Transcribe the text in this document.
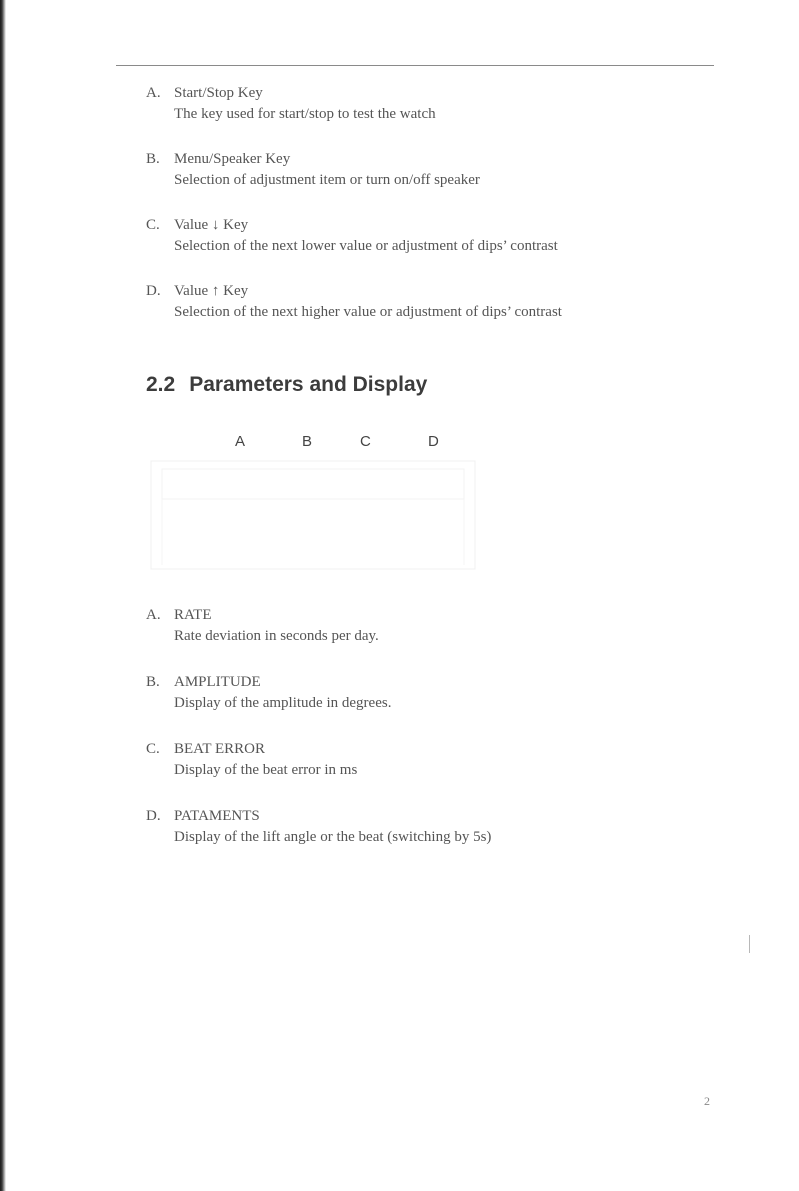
A. Start/Stop Key
The key used for start/stop to test the watch
B. Menu/Speaker Key
Selection of adjustment item or turn on/off speaker
C. Value ↓ Key
Selection of the next lower value or adjustment of dips’ contrast
D. Value ↑ Key
Selection of the next higher value or adjustment of dips’ contrast
2.2 Parameters and Display
A	B	C	D
A. RATE
Rate deviation in seconds per day.
B. AMPLITUDE
Display of the amplitude in degrees.
C. BEAT ERROR
Display of the beat error in ms
D. PATAMENTS
Display of the lift angle or the beat (switching by 5s)
2
